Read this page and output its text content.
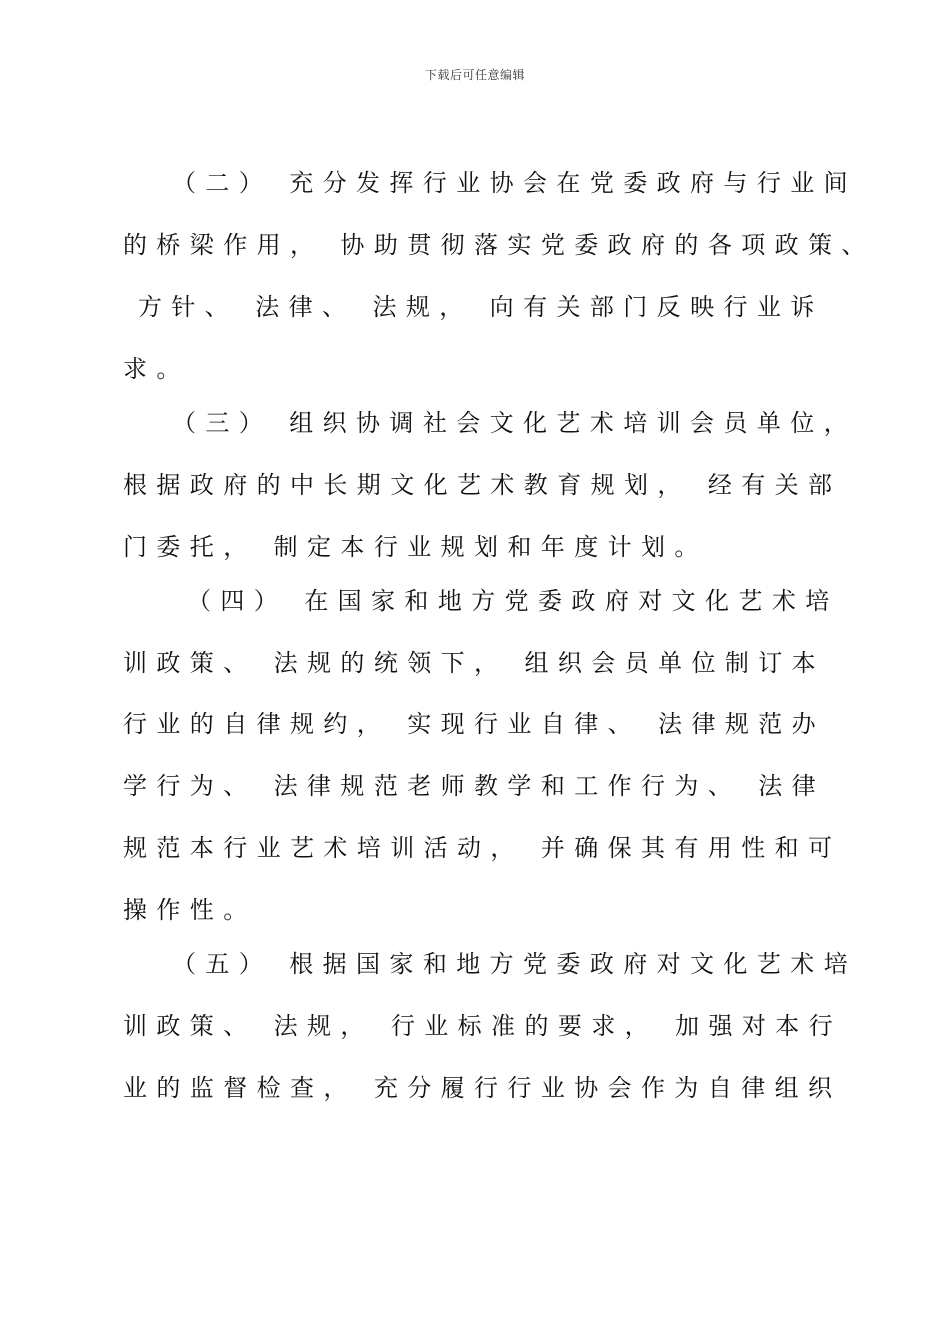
下载后可任意编辑
（二） 充分发挥行业协会在党委政府与行业间
的桥梁作用， 协助贯彻落实党委政府的各项政策、
方针、 法律、 法规， 向有关部门反映行业诉
求。
（三） 组织协调社会文化艺术培训会员单位，
根据政府的中长期文化艺术教育规划， 经有关部
门委托， 制定本行业规划和年度计划。
（四） 在国家和地方党委政府对文化艺术培
训政策、 法规的统领下， 组织会员单位制订本
行业的自律规约， 实现行业自律、 法律规范办
学行为、 法律规范老师教学和工作行为、 法律
规范本行业艺术培训活动， 并确保其有用性和可
操作性。
（五） 根据国家和地方党委政府对文化艺术培
训政策、 法规， 行业标准的要求， 加强对本行
业的监督检查， 充分履行行业协会作为自律组织
